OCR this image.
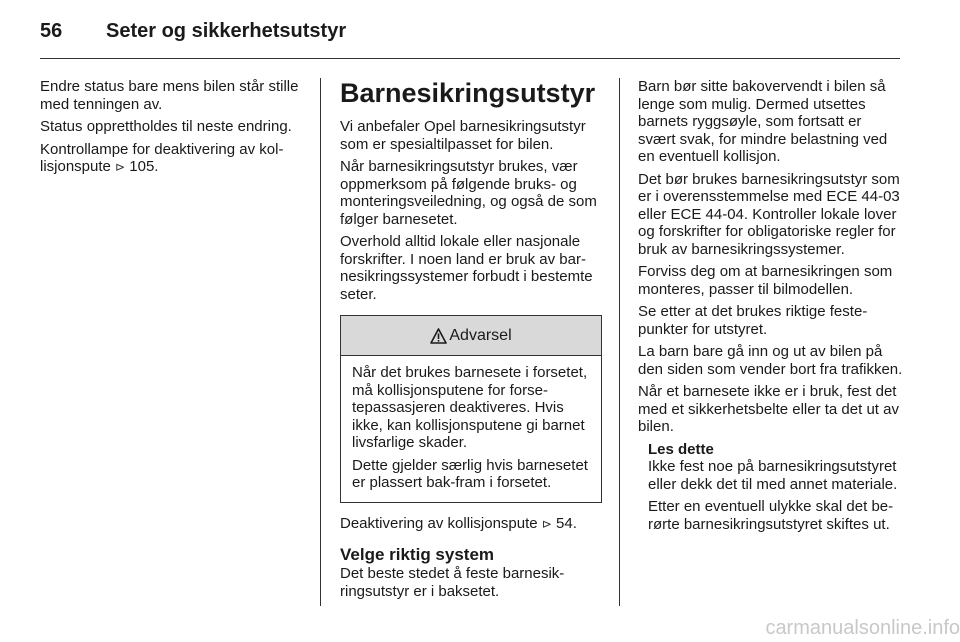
56 Seter og sikkerhetsutstyr

Endre status bare mens bilen står stille med tenningen av.

Status opprettholdes til neste endring.

Kontrollampe for deaktivering av kollisjonspute ⊳ 105.

Barnesikringsutstyr

Vi anbefaler Opel barnesikringsutstyr som er spesialtilpasset for bilen.

Når barnesikringsutstyr brukes, vær oppmerksom på følgende bruks- og monteringsveiledning, og også de som følger barnesetet.

Overhold alltid lokale eller nasjonale forskrifter. I noen land er bruk av barnesikringssystemer forbudt i bestemte seter.

Advarsel

Når det brukes barnesete i forsetet, må kollisjonsputene for forsetepassasjeren deaktiveres. Hvis ikke, kan kollisjonsputene gi barnet livsfarlige skader.

Dette gjelder særlig hvis barnesetet er plassert bak-fram i forsetet.

Deaktivering av kollisjonspute ⊳ 54.

Velge riktig system

Det beste stedet å feste barnesikringsutstyr er i baksetet.

Barn bør sitte bakovervendt i bilen så lenge som mulig. Dermed utsettes barnets ryggsøyle, som fortsatt er svært svak, for mindre belastning ved en eventuell kollisjon.

Det bør brukes barnesikringsutstyr som er i overensstemmelse med ECE 44-03 eller ECE 44-04. Kontroller lokale lover og forskrifter for obligatoriske regler for bruk av barnesikringssystemer.

Forviss deg om at barnesikringen som monteres, passer til bilmodellen.

Se etter at det brukes riktige festepunkter for utstyret.

La barn bare gå inn og ut av bilen på den siden som vender bort fra trafikken.

Når et barnesete ikke er i bruk, fest det med et sikkerhetsbelte eller ta det ut av bilen.

Les dette

Ikke fest noe på barnesikringsutstyret eller dekk det til med annet materiale.

Etter en eventuell ulykke skal det berørte barnesikringsutstyret skiftes ut.

carmanualsonline.info
